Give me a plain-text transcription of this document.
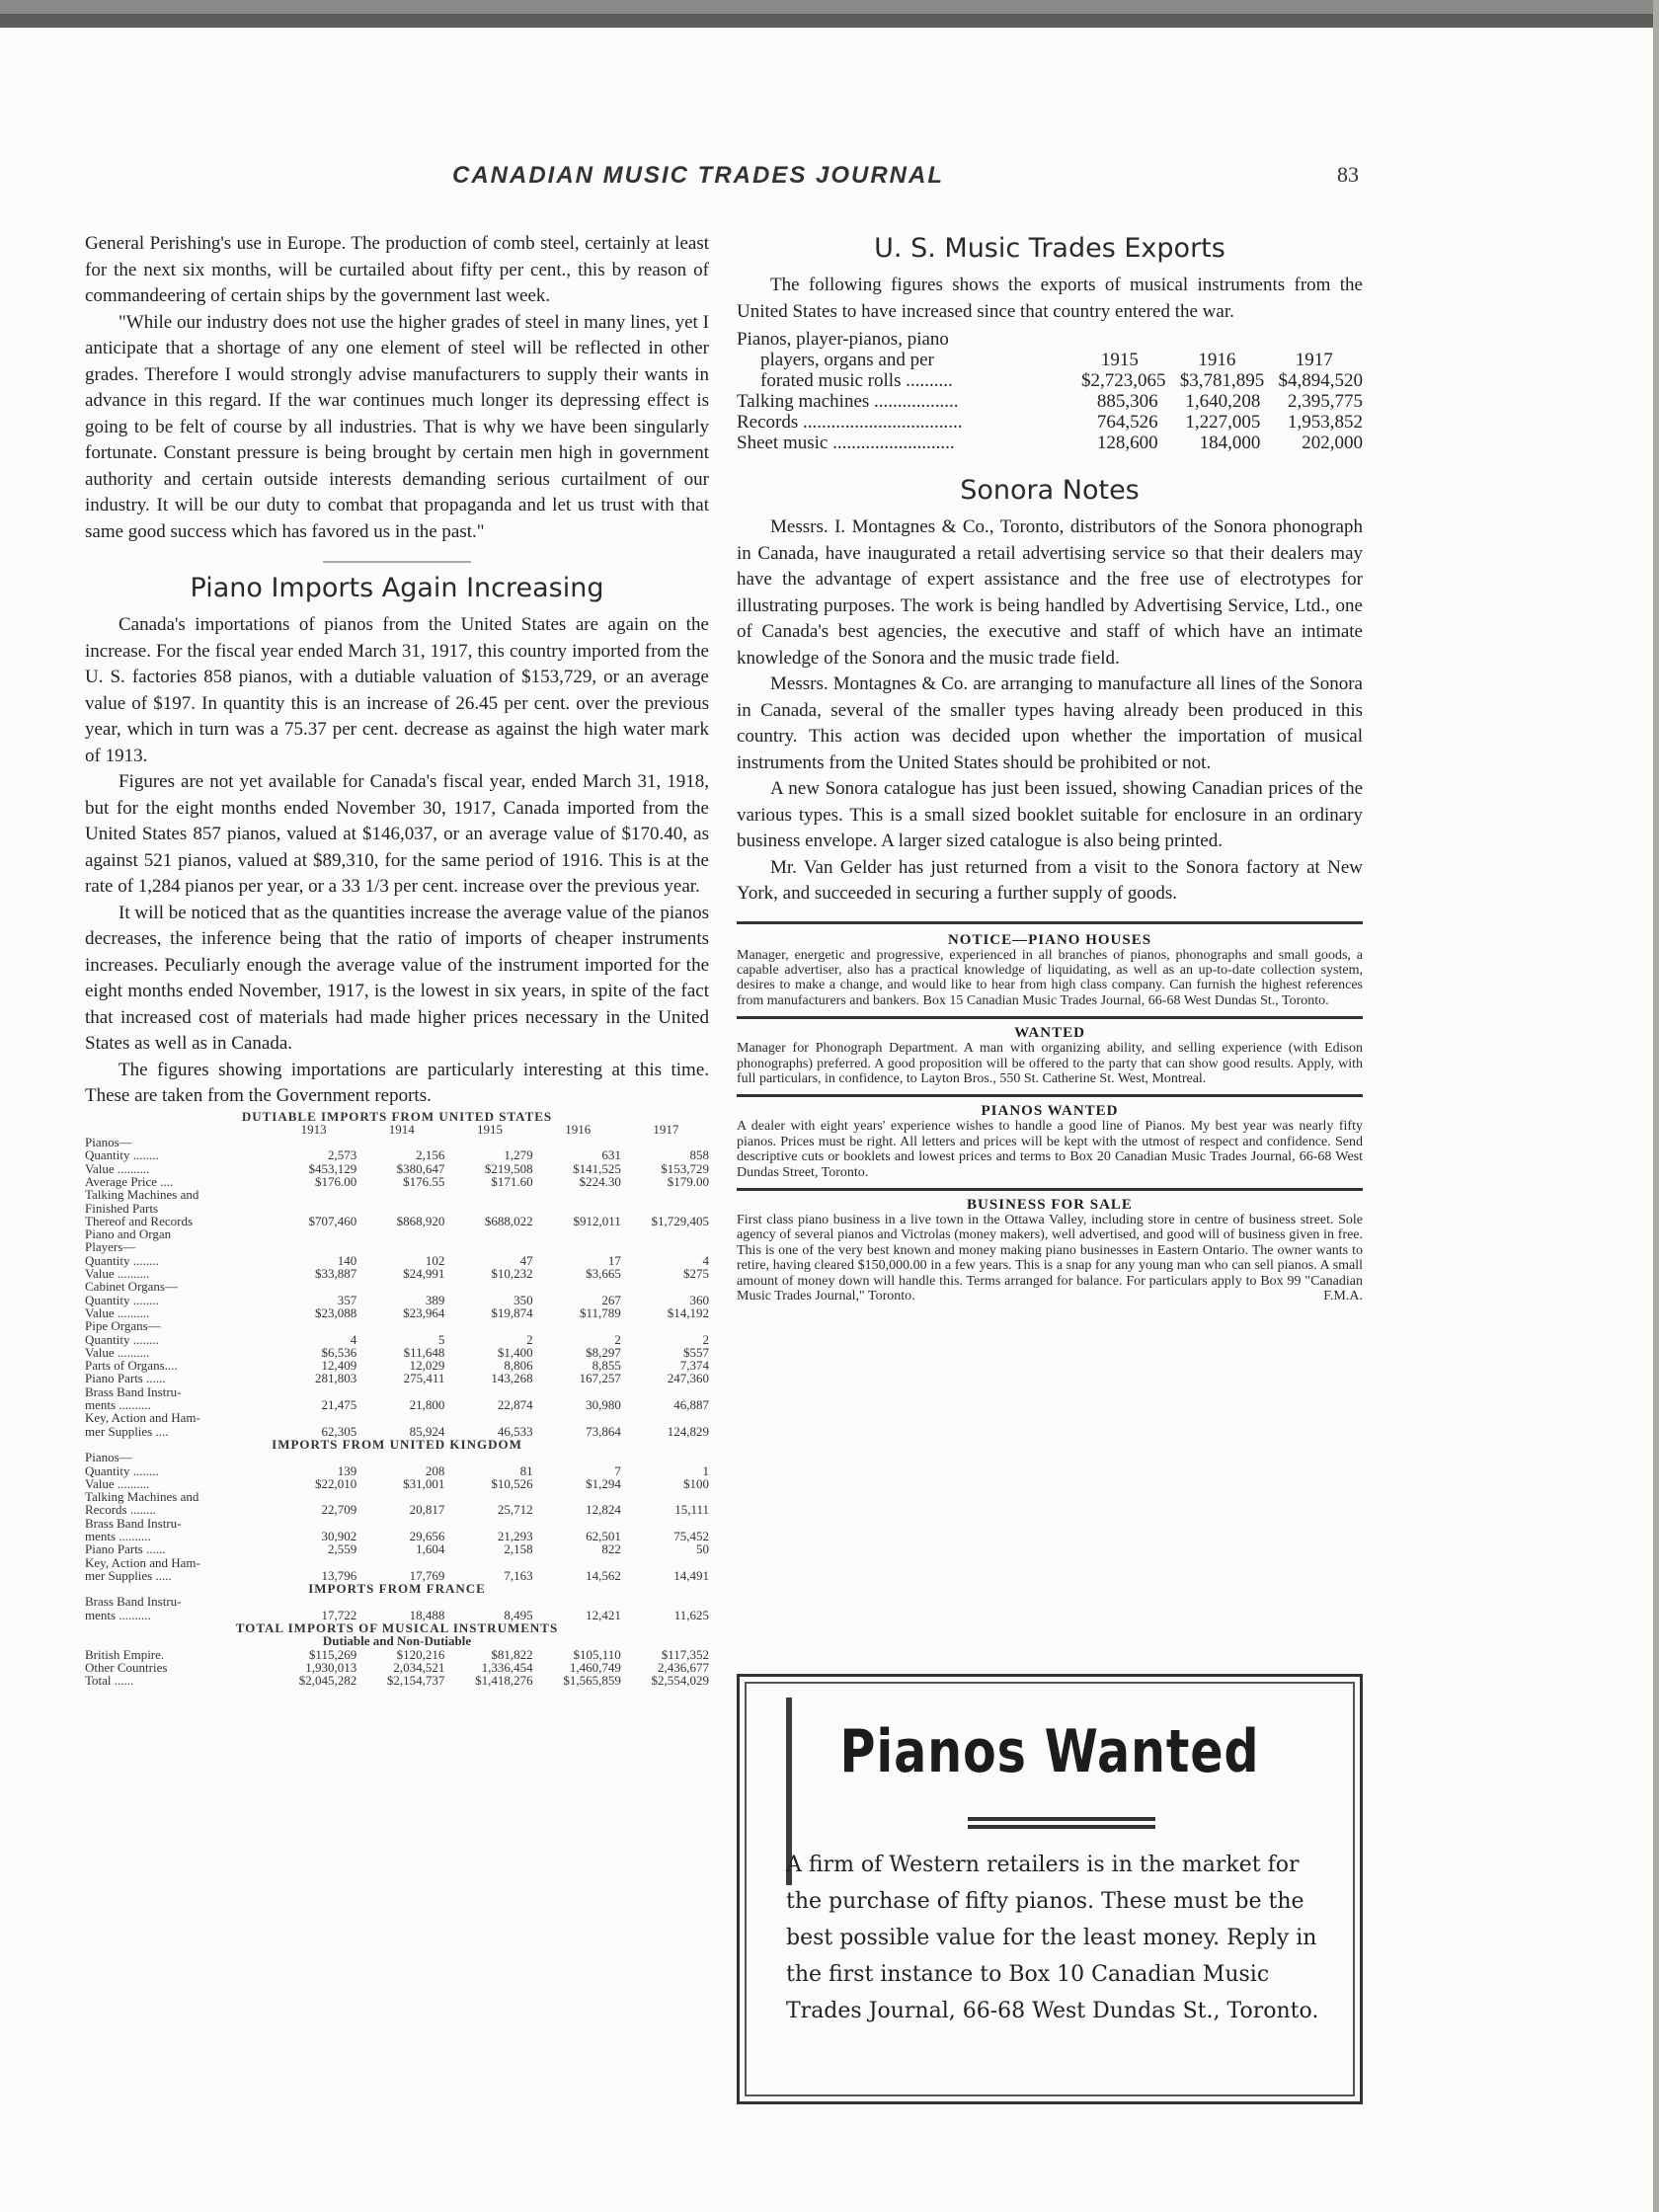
CANADIAN MUSIC TRADES JOURNAL	83

General Perishing's use in Europe. The production of comb steel, certainly at least for the next six months, will be curtailed about fifty per cent., this by reason of commandeering of certain ships by the government last week.

"While our industry does not use the higher grades of steel in many lines, yet I anticipate that a shortage of any one element of steel will be reflected in other grades. Therefore I would strongly advise manufacturers to supply their wants in advance in this regard. If the war continues much longer its depressing effect is going to be felt of course by all industries. That is why we have been singularly fortunate. Constant pressure is being brought by certain men high in government authority and certain outside interests demanding serious curtailment of our industry. It will be our duty to combat that propaganda and let us trust with that same good success which has favored us in the past."

Piano Imports Again Increasing

Canada's importations of pianos from the United States are again on the increase. For the fiscal year ended March 31, 1917, this country imported from the U. S. factories 858 pianos, with a dutiable valuation of $153,729, or an average value of $197. In quantity this is an increase of 26.45 per cent. over the previous year, which in turn was a 75.37 per cent. decrease as against the high water mark of 1913.

Figures are not yet available for Canada's fiscal year, ended March 31, 1918, but for the eight months ended November 30, 1917, Canada imported from the United States 857 pianos, valued at $146,037, or an average value of $170.40, as against 521 pianos, valued at $89,310, for the same period of 1916. This is at the rate of 1,284 pianos per year, or a 33 1/3 per cent. increase over the previous year.

It will be noticed that as the quantities increase the average value of the pianos decreases, the inference being that the ratio of imports of cheaper instruments increases. Peculiarly enough the average value of the instrument imported for the eight months ended November, 1917, is the lowest in six years, in spite of the fact that increased cost of materials had made higher prices necessary in the United States as well as in Canada.

The figures showing importations are particularly interesting at this time. These are taken from the Government reports.

DUTIABLE IMPORTS FROM UNITED STATES
1913	1914	1915	1916	1917
Pianos—
Quantity ........	2,573	2,156	1,279	631	858
Value ..........	$453,129	$380,647	$219,508	$141,525	$153,729
Average Price ....	$176.00	$176.55	$171.60	$224.30	$179.00
Talking Machines and
Finished Parts
Thereof and Records	$707,460	$868,920	$688,022	$912,011	$1,729,405
Piano and Organ
Players—
Quantity ........	140	102	47	17	4
Value ..........	$33,887	$24,991	$10,232	$3,665	$275
Cabinet Organs—
Quantity ........	357	389	350	267	360
Value ..........	$23,088	$23,964	$19,874	$11,789	$14,192
Pipe Organs—
Quantity ........	4	5	2	2	2
Value ..........	$6,536	$11,648	$1,400	$8,297	$557
Parts of Organs....	12,409	12,029	8,806	8,855	7,374
Piano Parts ......	281,803	275,411	143,268	167,257	247,360
Brass Band Instru-
ments ..........	21,475	21,800	22,874	30,980	46,887
Key, Action and Ham-
mer Supplies ....	62,305	85,924	46,533	73,864	124,829
IMPORTS FROM UNITED KINGDOM
Pianos—
Quantity ........	139	208	81	7	1
Value ..........	$22,010	$31,001	$10,526	$1,294	$100
Talking Machines and
Records ........	22,709	20,817	25,712	12,824	15,111
Brass Band Instru-
ments ..........	30,902	29,656	21,293	62,501	75,452
Piano Parts ......	2,559	1,604	2,158	822	50
Key, Action and Ham-
mer Supplies .....	13,796	17,769	7,163	14,562	14,491
IMPORTS FROM FRANCE
Brass Band Instru-
ments ..........	17,722	18,488	8,495	12,421	11,625
TOTAL IMPORTS OF MUSICAL INSTRUMENTS
Dutiable and Non-Dutiable
British Empire.	$115,269	$120,216	$81,822	$105,110	$117,352
Other Countries	1,930,013	2,034,521	1,336,454	1,460,749	2,436,677
Total ......	$2,045,282	$2,154,737	$1,418,276	$1,565,859	$2,554,029
U. S. Music Trades Exports

The following figures shows the exports of musical instruments from the United States to have increased since that country entered the war.

Pianos, player-pianos, piano
players, organs and per	1915	1916	1917
forated music rolls ..........	$2,723,065 $3,781,895 $4,894,520
Talking machines ..................	885,306	1,640,208	2,395,775
Records ..................................	764,526	1,227,005	1,953,852
Sheet music ..........................	128,600	184,000	202,000
Sonora Notes

Messrs. I. Montagnes & Co., Toronto, distributors of the Sonora phonograph in Canada, have inaugurated a retail advertising service so that their dealers may have the advantage of expert assistance and the free use of electrotypes for illustrating purposes. The work is being handled by Advertising Service, Ltd., one of Canada's best agencies, the executive and staff of which have an intimate knowledge of the Sonora and the music trade field.

Messrs. Montagnes & Co. are arranging to manufacture all lines of the Sonora in Canada, several of the smaller types having already been produced in this country. This action was decided upon whether the importation of musical instruments from the United States should be prohibited or not.

A new Sonora catalogue has just been issued, showing Canadian prices of the various types. This is a small sized booklet suitable for enclosure in an ordinary business envelope. A larger sized catalogue is also being printed.

Mr. Van Gelder has just returned from a visit to the Sonora factory at New York, and succeeded in securing a further supply of goods.

NOTICE—PIANO HOUSES

Manager, energetic and progressive, experienced in all branches of pianos, phonographs and small goods, a capable advertiser, also has a practical knowledge of liquidating, as well as an up-to-date collection system, desires to make a change, and would like to hear from high class company. Can furnish the highest references from manufacturers and bankers. Box 15 Canadian Music Trades Journal, 66-68 West Dundas St., Toronto.

WANTED

Manager for Phonograph Department. A man with organizing ability, and selling experience (with Edison phonographs) preferred. A good proposition will be offered to the party that can show good results. Apply, with full particulars, in confidence, to Layton Bros., 550 St. Catherine St. West, Montreal.

PIANOS WANTED

A dealer with eight years' experience wishes to handle a good line of Pianos. My best year was nearly fifty pianos. Prices must be right. All letters and prices will be kept with the utmost of respect and confidence. Send descriptive cuts or booklets and lowest prices and terms to Box 20 Canadian Music Trades Journal, 66-68 West Dundas Street, Toronto.

BUSINESS FOR SALE

First class piano business in a live town in the Ottawa Valley, including store in centre of business street. Sole agency of several pianos and Victrolas (money makers), well advertised, and good will of business given in free. This is one of the very best known and money making piano businesses in Eastern Ontario. The owner wants to retire, having cleared $150,000.00 in a few years. This is a snap for any young man who can sell pianos. A small amount of money down will handle this. Terms arranged for balance. For particulars apply to Box 99 "Canadian Music Trades Journal," Toronto.	F.M.A.

Pianos Wanted
A firm of Western retailers is in the market for the purchase of fifty pianos. These must be the best possible value for the least money. Reply in the first instance to Box 10 Canadian Music Trades Journal, 66-68 West Dundas St., Toronto.
